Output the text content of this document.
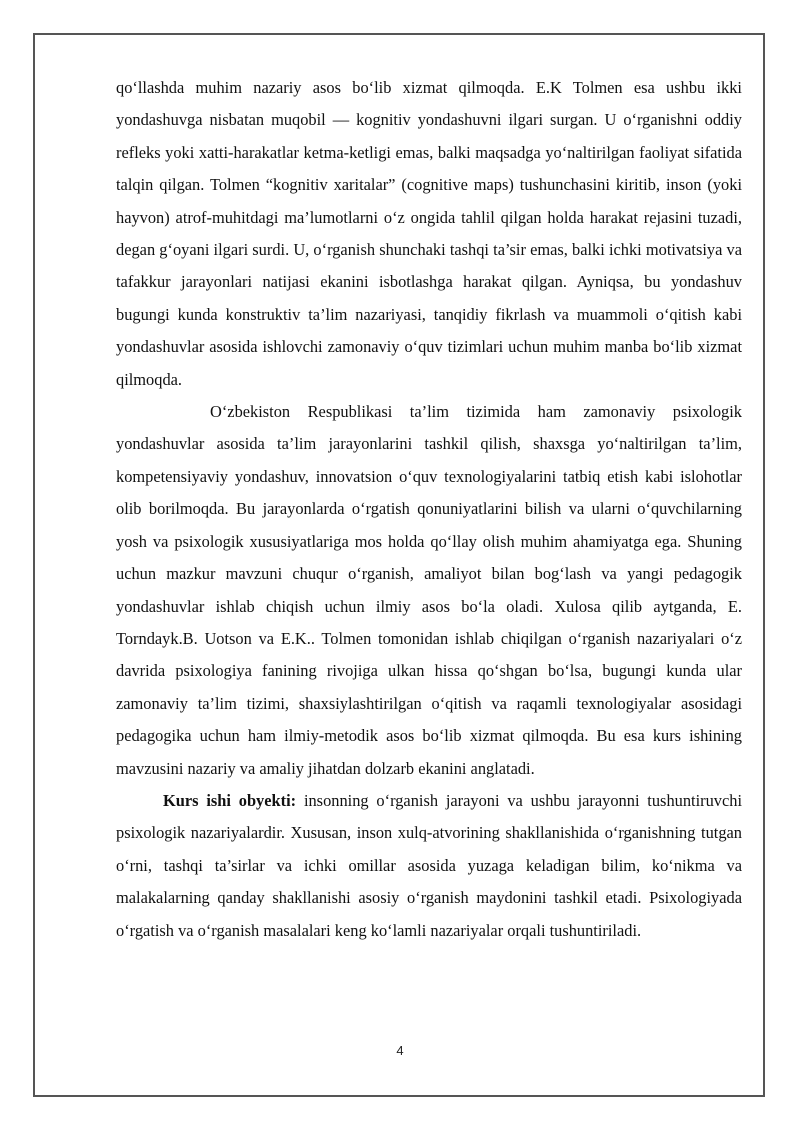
qo‘llashda muhim nazariy asos bo‘lib xizmat qilmoqda. E.K Tolmen esa ushbu ikki yondashuvga nisbatan muqobil — kognitiv yondashuvni ilgari surgan. U o‘rganishni oddiy refleks yoki xatti-harakatlar ketma-ketligi emas, balki maqsadga yo‘naltirilgan faoliyat sifatida talqin qilgan. Tolmen “kognitiv xaritalar” (cognitive maps) tushunchasini kiritib, inson (yoki hayvon) atrof-muhitdagi ma’lumotlarni o‘z ongida tahlil qilgan holda harakat rejasini tuzadi, degan g‘oyani ilgari surdi. U, o‘rganish shunchaki tashqi ta’sir emas, balki ichki motivatsiya va tafakkur jarayonlari natijasi ekanini isbotlashga harakat qilgan. Ayniqsa, bu yondashuv bugungi kunda konstruktiv ta’lim nazariyasi, tanqidiy fikrlash va muammoli o‘qitish kabi yondashuvlar asosida ishlovchi zamonaviy o‘quv tizimlari uchun muhim manba bo‘lib xizmat qilmoqda.

O‘zbekiston Respublikasi ta’lim tizimida ham zamonaviy psixologik yondashuvlar asosida ta’lim jarayonlarini tashkil qilish, shaxsga yo‘naltirilgan ta’lim, kompetensiyaviy yondashuv, innovatsion o‘quv texnologiyalarini tatbiq etish kabi islohotlar olib borilmoqda. Bu jarayonlarda o‘rgatish qonuniyatlarini bilish va ularni o‘quvchilarning yosh va psixologik xususiyatlariga mos holda qo‘llay olish muhim ahamiyatga ega. Shuning uchun mazkur mavzuni chuqur o‘rganish, amaliyot bilan bog‘lash va yangi pedagogik yondashuvlar ishlab chiqish uchun ilmiy asos bo‘la oladi. Xulosa qilib aytganda, E. Torndayk.B. Uotson va E.K.. Tolmen tomonidan ishlab chiqilgan o‘rganish nazariyalari o‘z davrida psixologiya fanining rivojiga ulkan hissa qo‘shgan bo‘lsa, bugungi kunda ular zamonaviy ta’lim tizimi, shaxsiylashtirilgan o‘qitish va raqamli texnologiyalar asosidagi pedagogika uchun ham ilmiy-metodik asos bo‘lib xizmat qilmoqda. Bu esa kurs ishining mavzusini nazariy va amaliy jihatdan dolzarb ekanini anglatadi.

Kurs ishi obyekti: insonning o‘rganish jarayoni va ushbu jarayonni tushuntiruvchi psixologik nazariyalardir. Xususan, inson xulq-atvorining shakllanishida o‘rganishning tutgan o‘rni, tashqi ta’sirlar va ichki omillar asosida yuzaga keladigan bilim, ko‘nikma va malakalarning qanday shakllanishi asosiy o‘rganish maydonini tashkil etadi. Psixologiyada o‘rgatish va o‘rganish masalalari keng ko‘lamli nazariyalar orqali tushuntiriladi.

4
